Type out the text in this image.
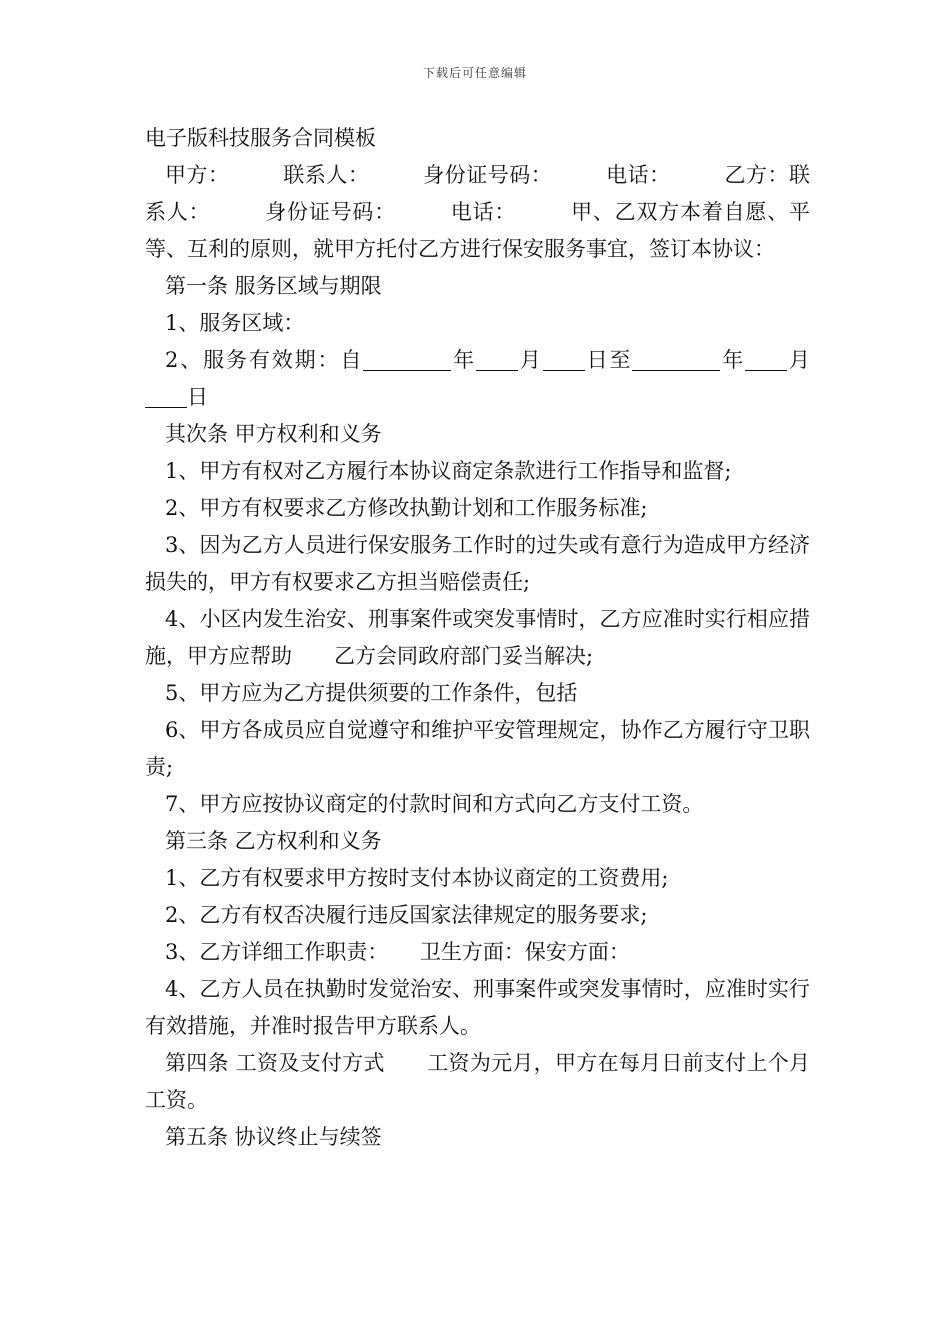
下载后可任意编辑

电子版科技服务合同模板

甲方：　　　联系人：　　　身份证号码：　　　电话：　　　乙方：联系人：　　　身份证号码：　　　电话：　　　甲、乙双方本着自愿、平等、互利的原则，就甲方托付乙方进行保安服务事宜，签订本协议：

第一条 服务区域与期限

1、服务区域：

2、服务有效期：自	年 月 日至	年 月日

其次条 甲方权利和义务

1、甲方有权对乙方履行本协议商定条款进行工作指导和监督;

2、甲方有权要求乙方修改执勤计划和工作服务标准;

3、因为乙方人员进行保安服务工作时的过失或有意行为造成甲方经济损失的，甲方有权要求乙方担当赔偿责任;

4、小区内发生治安、刑事案件或突发事情时，乙方应准时实行相应措施，甲方应帮助　　乙方会同政府部门妥当解决;

5、甲方应为乙方提供须要的工作条件，包括

6、甲方各成员应自觉遵守和维护平安管理规定，协作乙方履行守卫职责;

7、甲方应按协议商定的付款时间和方式向乙方支付工资。

第三条 乙方权利和义务

1、乙方有权要求甲方按时支付本协议商定的工资费用;

2、乙方有权否决履行违反国家法律规定的服务要求;

3、乙方详细工作职责：　　卫生方面：保安方面：

4、乙方人员在执勤时发觉治安、刑事案件或突发事情时，应准时实行有效措施，并准时报告甲方联系人。

第四条 工资及支付方式　　工资为元月，甲方在每月日前支付上个月工资。

第五条 协议终止与续签
